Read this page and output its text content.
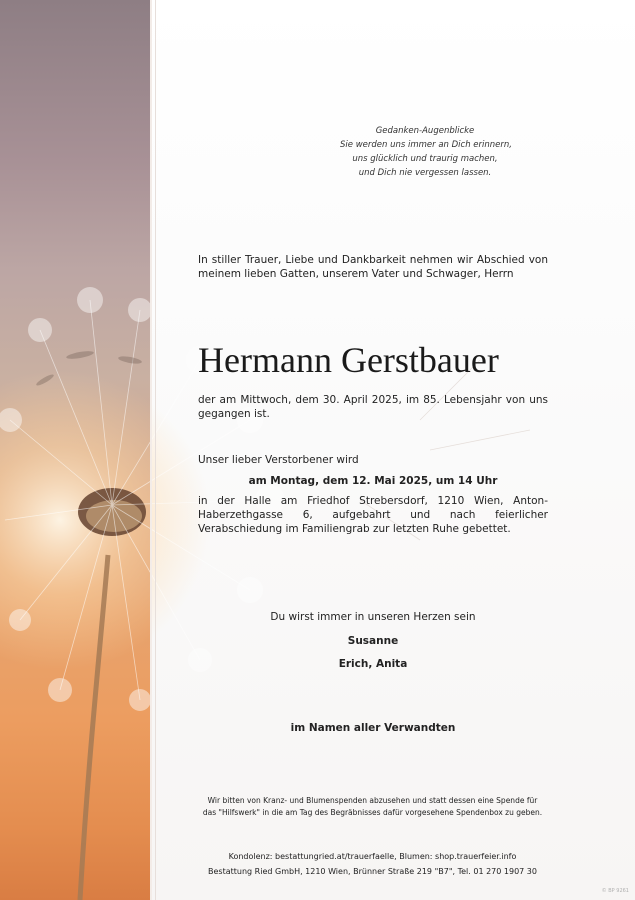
Gedanken-Augenblicke
Sie werden uns immer an Dich erinnern,
uns glücklich und traurig machen,
und Dich nie vergessen lassen.
In stiller Trauer, Liebe und Dankbarkeit nehmen wir Abschied von meinem lieben Gatten, unserem Vater und Schwager, Herrn
Hermann Gerstbauer
der am Mittwoch, dem 30. April 2025, im 85. Lebensjahr von uns gegangen ist.
Unser lieber Verstorbener wird
am Montag, dem 12. Mai 2025, um 14 Uhr
in der Halle am Friedhof Strebersdorf, 1210 Wien, Anton-Haberzethgasse 6, aufgebahrt und nach feierlicher Verabschiedung im Familiengrab zur letzten Ruhe gebettet.
Du wirst immer in unseren Herzen sein
Susanne
Erich, Anita
im Namen aller Verwandten
Wir bitten von Kranz- und Blumenspenden abzusehen und statt dessen eine Spende für
das "Hilfswerk" in die am Tag des Begräbnisses dafür vorgesehene Spendenbox zu geben.
Kondolenz: bestattungried.at/trauerfaelle, Blumen: shop.trauerfeier.info
Bestattung Ried GmbH, 1210 Wien, Brünner Straße 219 "B7", Tel. 01 270 1907 30
© BP 9261
